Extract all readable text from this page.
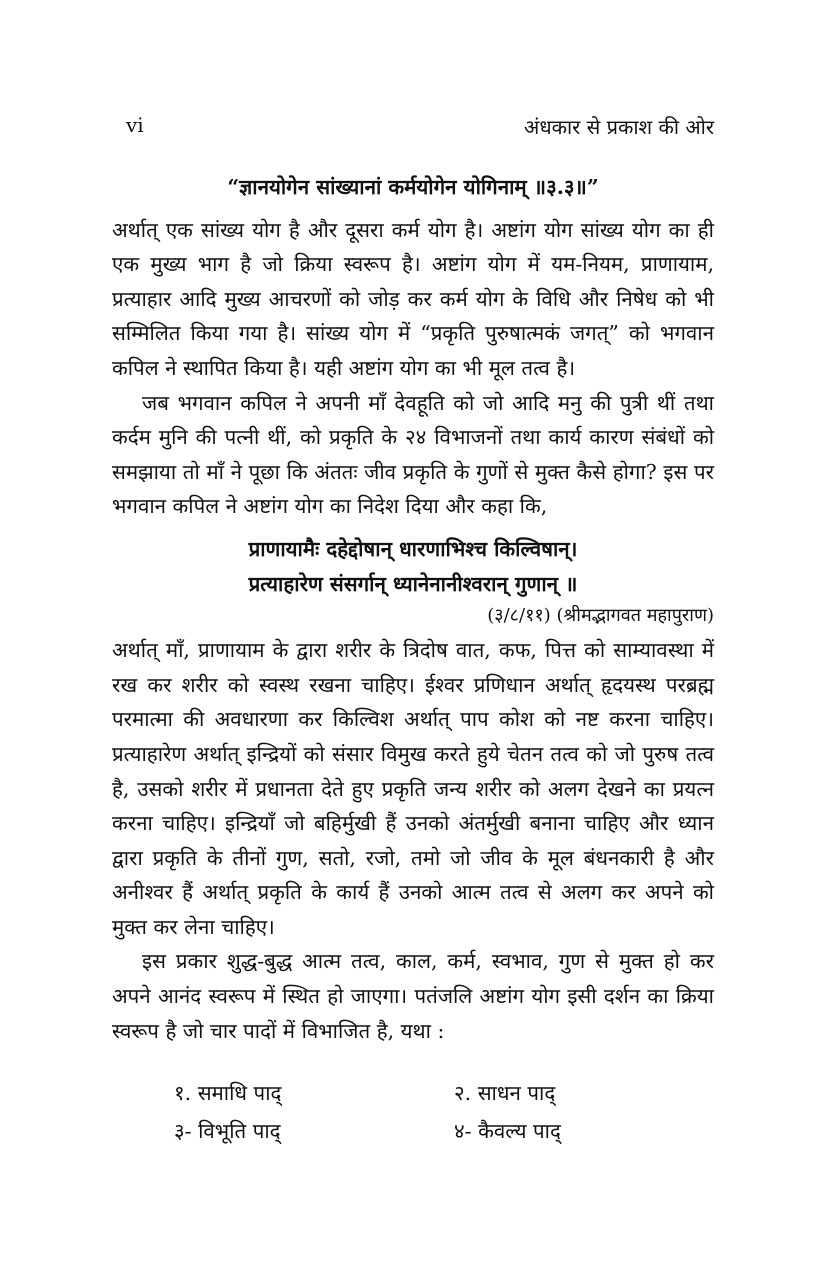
vi	अंधकार से प्रकाश की ओर

“ज्ञानयोगेन सांख्यानां कर्मयोगेन योगिनाम् ॥३.३॥”

अर्थात् एक सांख्य योग है और दूसरा कर्म योग है। अष्टांग योग सांख्य योग का ही एक मुख्य भाग है जो क्रिया स्वरूप है। अष्टांग योग में यम-नियम, प्राणायाम, प्रत्याहार आदि मुख्य आचरणों को जोड़ कर कर्म योग के विधि और निषेध को भी सम्मिलित किया गया है। सांख्य योग में “प्रकृति पुरुषात्मकं जगत्” को भगवान कपिल ने स्थापित किया है। यही अष्टांग योग का भी मूल तत्व है।

जब भगवान कपिल ने अपनी माँ देवहूति को जो आदि मनु की पुत्री थीं तथा कर्दम मुनि की पत्नी थीं, को प्रकृति के २४ विभाजनों तथा कार्य कारण संबंधों को समझाया तो माँ ने पूछा कि अंततः जीव प्रकृति के गुणों से मुक्त कैसे होगा? इस पर भगवान कपिल ने अष्टांग योग का निदेश दिया और कहा कि,

प्राणायामैः दहेद्दोषान् धारणाभिश्च किल्विषान्।

प्रत्याहारेण संसर्गान् ध्यानेनानीश्वरान् गुणान् ॥

(३/८/११) (श्रीमद्भागवत महापुराण)

अर्थात् माँ, प्राणायाम के द्वारा शरीर के त्रिदोष वात, कफ, पित्त को साम्यावस्था में रख कर शरीर को स्वस्थ रखना चाहिए। ईश्वर प्रणिधान अर्थात् हृदयस्थ परब्रह्म परमात्मा की अवधारणा कर किल्विश अर्थात् पाप कोश को नष्ट करना चाहिए। प्रत्याहारेण अर्थात् इन्द्रियों को संसार विमुख करते हुये चेतन तत्व को जो पुरुष तत्व है, उसको शरीर में प्रधानता देते हुए प्रकृति जन्य शरीर को अलग देखने का प्रयत्न करना चाहिए। इन्द्रियाँ जो बहिर्मुखी हैं उनको अंतर्मुखी बनाना चाहिए और ध्यान द्वारा प्रकृति के तीनों गुण, सतो, रजो, तमो जो जीव के मूल बंधनकारी है और अनीश्वर हैं अर्थात् प्रकृति के कार्य हैं उनको आत्म तत्व से अलग कर अपने को मुक्त कर लेना चाहिए।

इस प्रकार शुद्ध-बुद्ध आत्म तत्व, काल, कर्म, स्वभाव, गुण से मुक्त हो कर अपने आनंद स्वरूप में स्थित हो जाएगा। पतंजलि अष्टांग योग इसी दर्शन का क्रिया स्वरूप है जो चार पादों में विभाजित है, यथा :

१. समाधि पाद्	२. साधन पाद्
३- विभूति पाद्	४- कैवल्य पाद्
